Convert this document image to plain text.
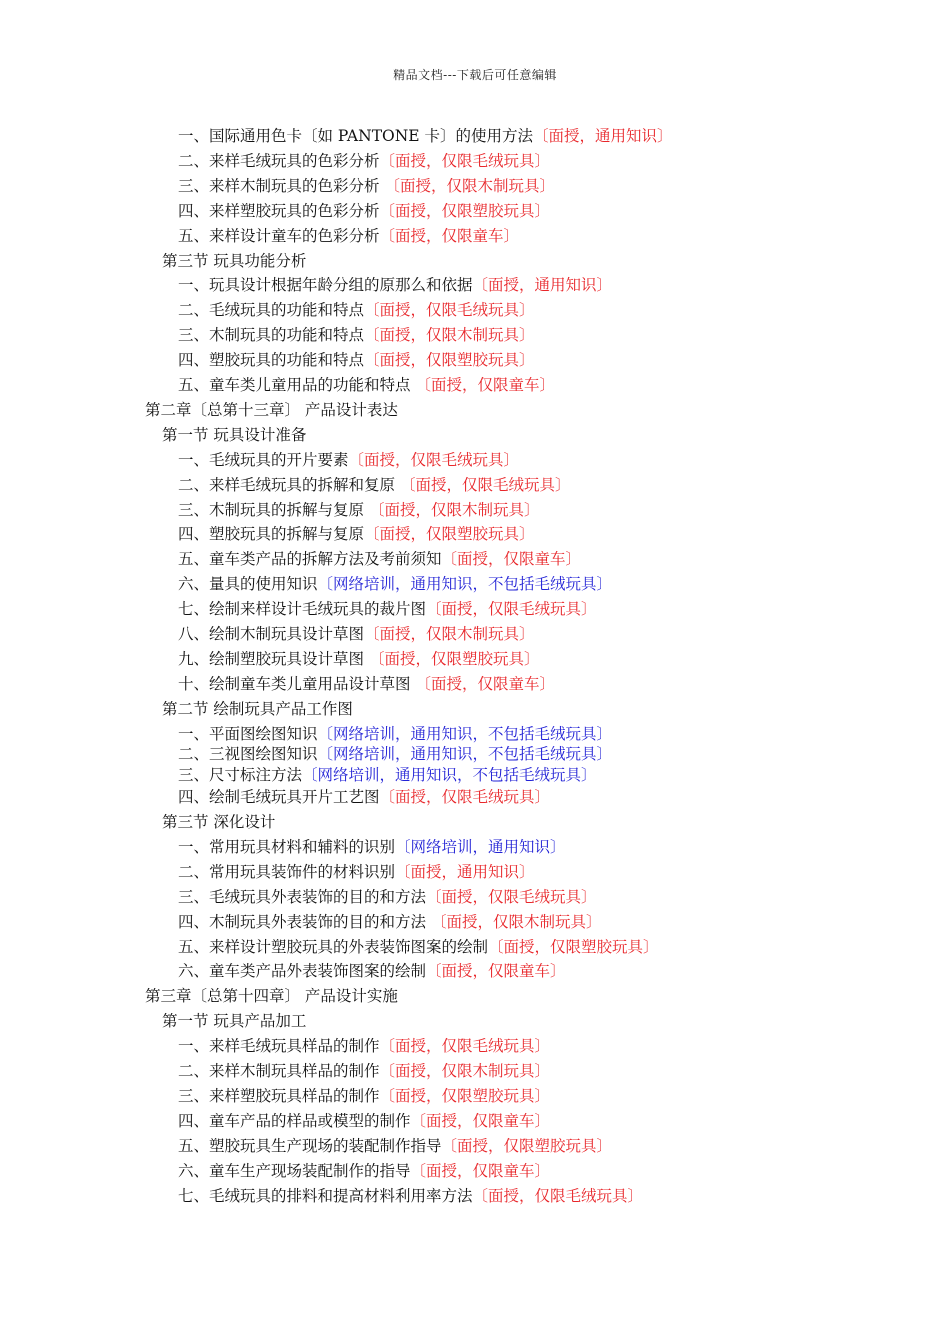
精品文档---下载后可任意编辑
一、国际通用色卡〔如 PANTONE 卡〕的使用方法〔面授，通用知识〕
二、来样毛绒玩具的色彩分析〔面授，仅限毛绒玩具〕
三、来样木制玩具的色彩分析 〔面授，仅限木制玩具〕
四、来样塑胶玩具的色彩分析〔面授，仅限塑胶玩具〕
五、来样设计童车的色彩分析〔面授，仅限童车〕
第三节 玩具功能分析
一、玩具设计根据年龄分组的原那么和依据〔面授，通用知识〕
二、毛绒玩具的功能和特点〔面授，仅限毛绒玩具〕
三、木制玩具的功能和特点〔面授，仅限木制玩具〕
四、塑胶玩具的功能和特点〔面授，仅限塑胶玩具〕
五、童车类儿童用品的功能和特点 〔面授，仅限童车〕
第二章〔总第十三章〕 产品设计表达
第一节 玩具设计准备
一、毛绒玩具的开片要素〔面授，仅限毛绒玩具〕
二、来样毛绒玩具的拆解和复原 〔面授，仅限毛绒玩具〕
三、木制玩具的拆解与复原 〔面授，仅限木制玩具〕
四、塑胶玩具的拆解与复原〔面授，仅限塑胶玩具〕
五、童车类产品的拆解方法及考前须知〔面授，仅限童车〕
六、量具的使用知识〔网络培训，通用知识，不包括毛绒玩具〕
七、绘制来样设计毛绒玩具的裁片图〔面授，仅限毛绒玩具〕
八、绘制木制玩具设计草图〔面授，仅限木制玩具〕
九、绘制塑胶玩具设计草图 〔面授，仅限塑胶玩具〕
十、绘制童车类儿童用品设计草图 〔面授，仅限童车〕
第二节 绘制玩具产品工作图
一、平面图绘图知识〔网络培训，通用知识，不包括毛绒玩具〕
二、三视图绘图知识〔网络培训，通用知识，不包括毛绒玩具〕
三、尺寸标注方法〔网络培训，通用知识，不包括毛绒玩具〕
四、绘制毛绒玩具开片工艺图〔面授，仅限毛绒玩具〕
第三节 深化设计
一、常用玩具材料和辅料的识别〔网络培训，通用知识〕
二、常用玩具装饰件的材料识别〔面授，通用知识〕
三、毛绒玩具外表装饰的目的和方法〔面授，仅限毛绒玩具〕
四、木制玩具外表装饰的目的和方法 〔面授，仅限木制玩具〕
五、来样设计塑胶玩具的外表装饰图案的绘制〔面授，仅限塑胶玩具〕
六、童车类产品外表装饰图案的绘制〔面授，仅限童车〕
第三章〔总第十四章〕 产品设计实施
第一节 玩具产品加工
一、来样毛绒玩具样品的制作〔面授，仅限毛绒玩具〕
二、来样木制玩具样品的制作〔面授，仅限木制玩具〕
三、来样塑胶玩具样品的制作〔面授，仅限塑胶玩具〕
四、童车产品的样品或模型的制作〔面授，仅限童车〕
五、塑胶玩具生产现场的装配制作指导〔面授，仅限塑胶玩具〕
六、童车生产现场装配制作的指导〔面授，仅限童车〕
七、毛绒玩具的排料和提高材料利用率方法〔面授，仅限毛绒玩具〕
